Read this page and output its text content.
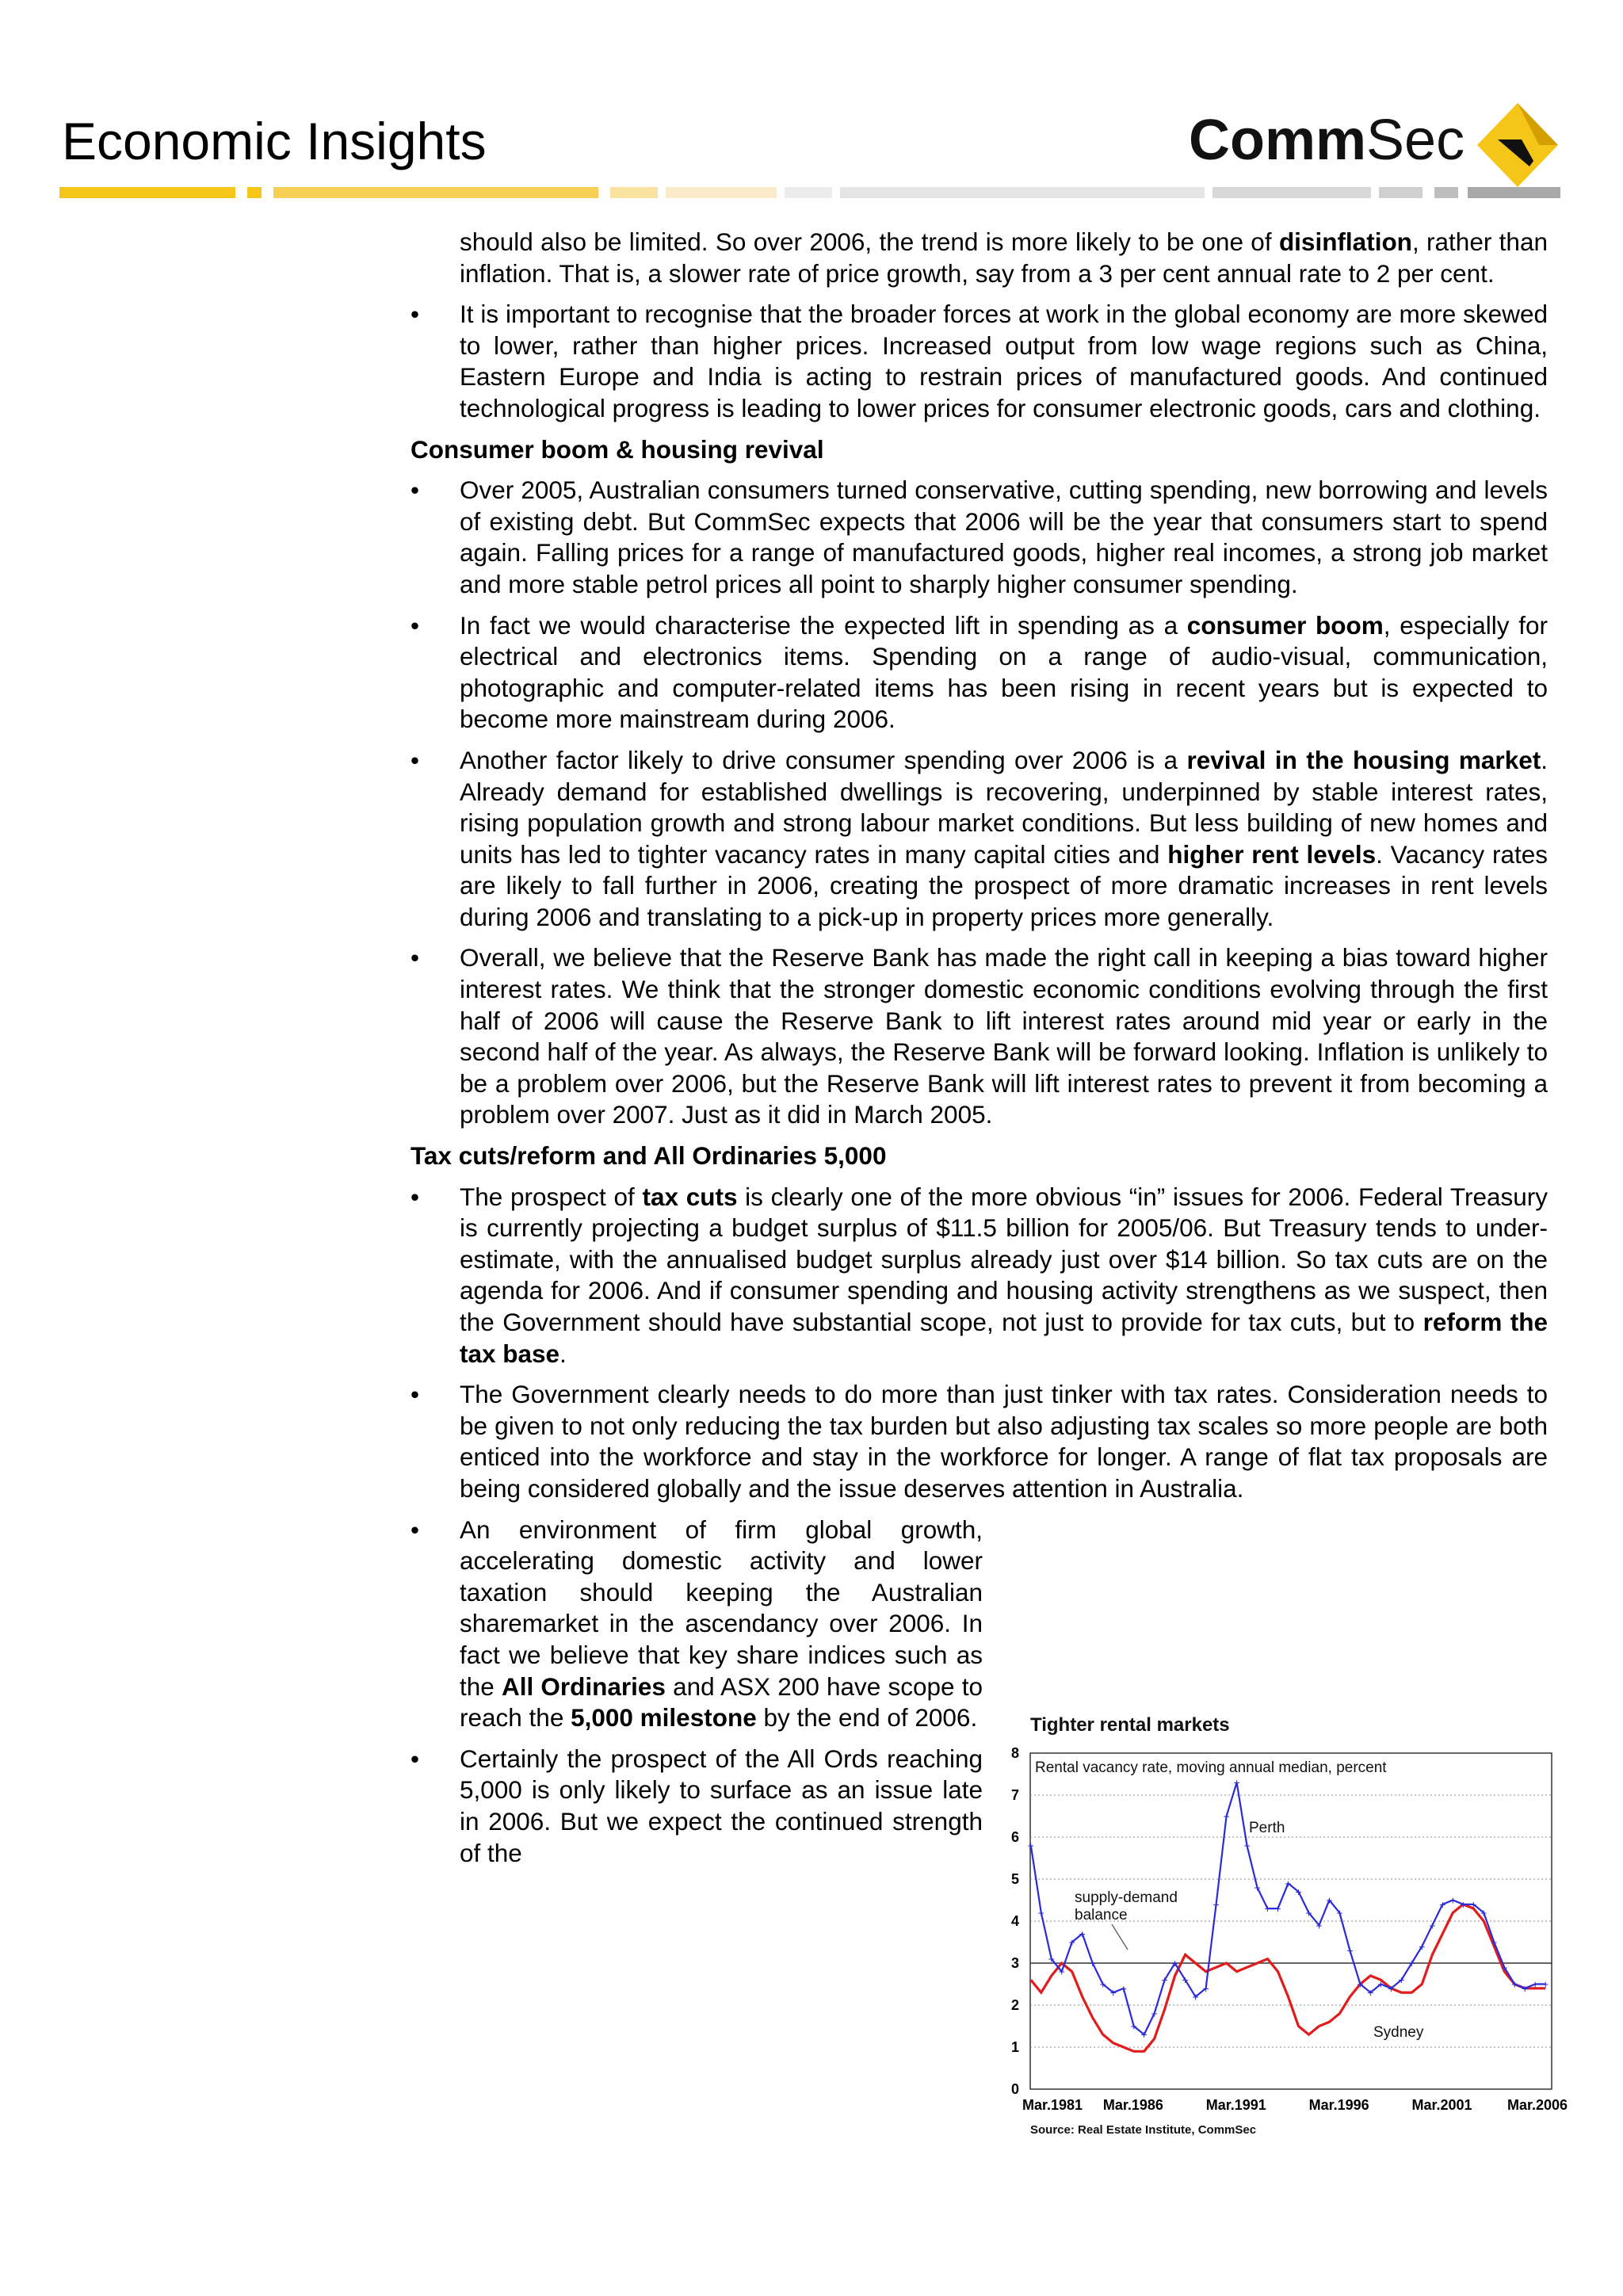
Economic Insights	CommSec

should also be limited. So over 2006, the trend is more likely to be one of disinflation, rather than inflation. That is, a slower rate of price growth, say from a 3 per cent annual rate to 2 per cent.

• It is important to recognise that the broader forces at work in the global economy are more skewed to lower, rather than higher prices. Increased output from low wage regions such as China, Eastern Europe and India is acting to restrain prices of manufactured goods. And continued technological progress is leading to lower prices for consumer electronic goods, cars and clothing.
Consumer boom & housing revival
• Over 2005, Australian consumers turned conservative, cutting spending, new borrowing and levels of existing debt. But CommSec expects that 2006 will be the year that consumers start to spend again. Falling prices for a range of manufactured goods, higher real incomes, a strong job market and more stable petrol prices all point to sharply higher consumer spending.
• In fact we would characterise the expected lift in spending as a consumer boom, especially for electrical and electronics items. Spending on a range of audio-visual, communication, photographic and computer-related items has been rising in recent years but is expected to become more mainstream during 2006.
• Another factor likely to drive consumer spending over 2006 is a revival in the housing market. Already demand for established dwellings is recovering, underpinned by stable interest rates, rising population growth and strong labour market conditions. But less building of new homes and units has led to tighter vacancy rates in many capital cities and higher rent levels. Vacancy rates are likely to fall further in 2006, creating the prospect of more dramatic increases in rent levels during 2006 and translating to a pick-up in property prices more generally.
• Overall, we believe that the Reserve Bank has made the right call in keeping a bias toward higher interest rates. We think that the stronger domestic economic conditions evolving through the first half of 2006 will cause the Reserve Bank to lift interest rates around mid year or early in the second half of the year. As always, the Reserve Bank will be forward looking. Inflation is unlikely to be a problem over 2006, but the Reserve Bank will lift interest rates to prevent it from becoming a problem over 2007. Just as it did in March 2005.
Tax cuts/reform and All Ordinaries 5,000
• The prospect of tax cuts is clearly one of the more obvious “in” issues for 2006. Federal Treasury is currently projecting a budget surplus of $11.5 billion for 2005/06. But Treasury tends to under-estimate, with the annualised budget surplus already just over $14 billion. So tax cuts are on the agenda for 2006. And if consumer spending and housing activity strengthens as we suspect, then the Government should have substantial scope, not just to provide for tax cuts, but to reform the tax base.
• The Government clearly needs to do more than just tinker with tax rates. Consideration needs to be given to not only reducing the tax burden but also adjusting tax scales so more people are both enticed into the workforce and stay in the workforce for longer. A range of flat tax proposals are being considered globally and the issue deserves attention in Australia.
• An environment of firm global growth, accelerating domestic activity and lower taxation should keeping the Australian sharemarket in the ascendancy over 2006. In fact we believe that key share indices such as the All Ordinaries and ASX 200 have scope to reach the 5,000 milestone by the end of 2006.
• Certainly the prospect of the All Ords reaching 5,000 is only likely to surface as an issue late in 2006. But we expect the continued strength of the
Tighter rental markets
Rental vacancy rate, moving annual median, percent
0
1
2
3
4
5
6
7
8
Mar.1981 Mar.1986	Mar.1991	Mar.1996	Mar.2001 Mar.2006
+
+
+
+
+
+
+
+
+ +
+
+
+
+
+
+
+
+
+
+
+
+
+
+ +
+
+
+
+
+
+
+
+
+
+ +
+
+
+
+
+ + + +
+
+
+
+ + + +
Perth
Sydney
supply-demand
balance
Source: Real Estate Institute, CommSec
